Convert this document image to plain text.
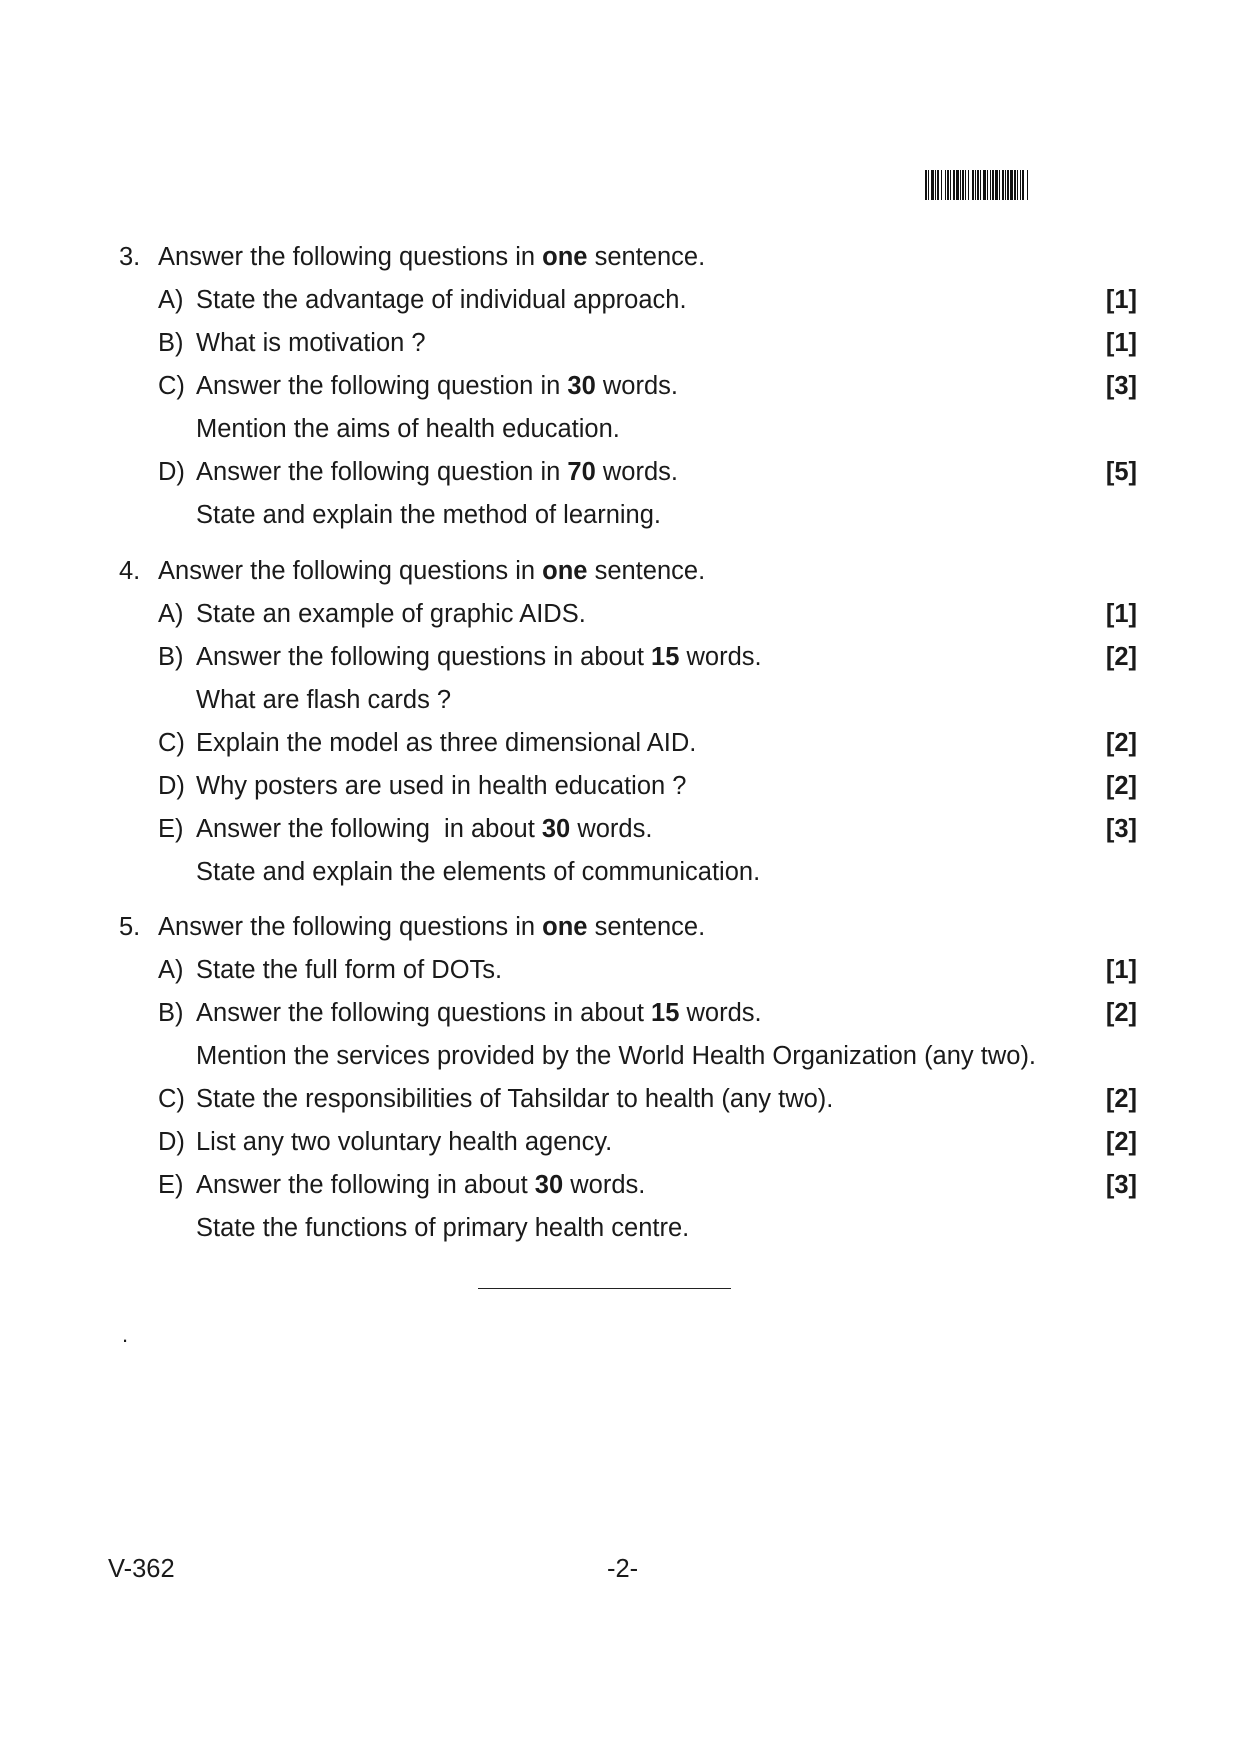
3. Answer the following questions in one sentence.
A) State the advantage of individual approach.	[1]
B) What is motivation ?	[1]
C) Answer the following question in 30 words.	[3]
Mention the aims of health education.
D) Answer the following question in 70 words.	[5]
State and explain the method of learning.
4. Answer the following questions in one sentence.
A) State an example of graphic AIDS.	[1]
B) Answer the following questions in about 15 words.	[2]
What are flash cards ?
C) Explain the model as three dimensional AID.	[2]
D) Why posters are used in health education ?	[2]
E) Answer the following  in about 30 words.	[3]
State and explain the elements of communication.
5. Answer the following questions in one sentence.
A) State the full form of DOTs.	[1]
B) Answer the following questions in about 15 words.	[2]
Mention the services provided by the World Health Organization (any two).
C) State the responsibilities of Tahsildar to health (any two).	[2]
D) List any two voluntary health agency.	[2]
E) Answer the following in about 30 words.	[3]
State the functions of primary health centre.
.
V-362	-2-
